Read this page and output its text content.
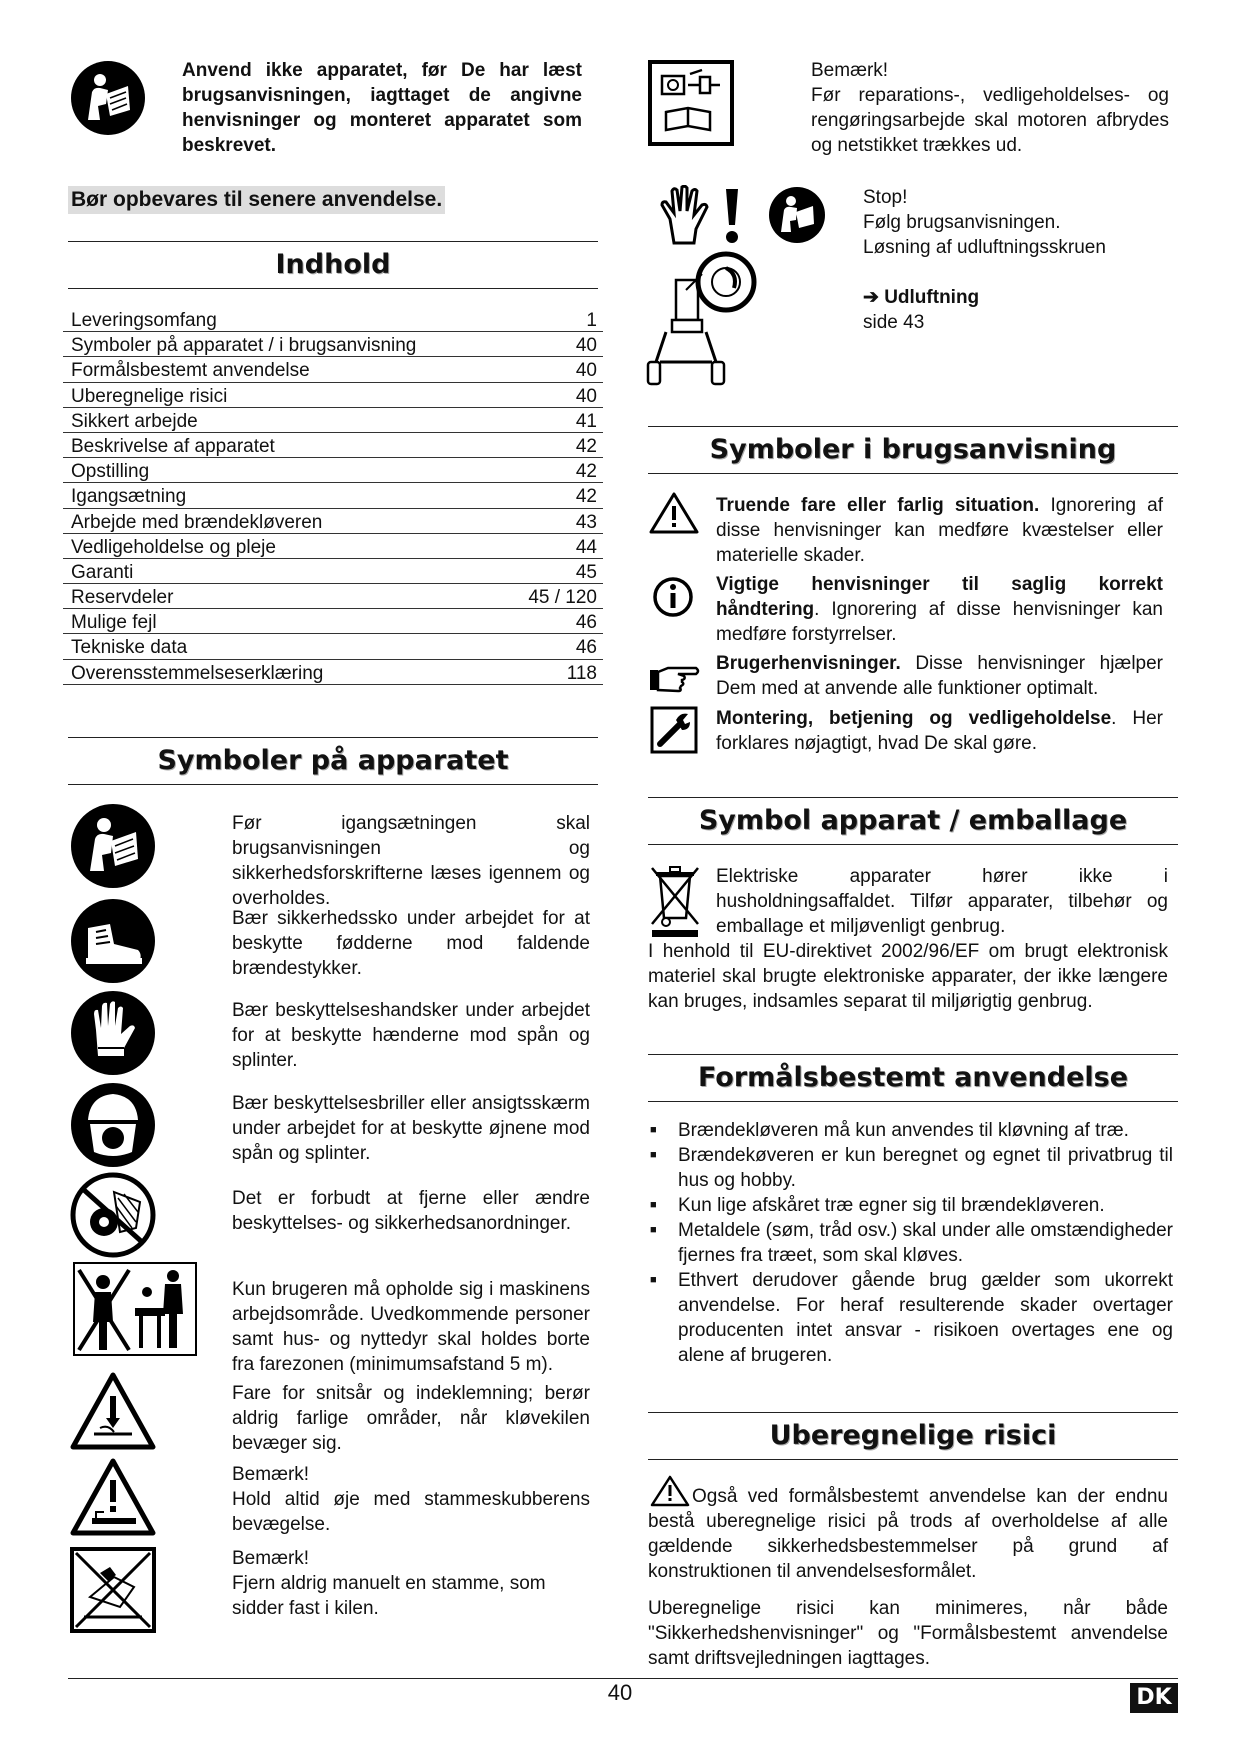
Anvend ikke apparatet, før De har læst brugsanvisningen, iagttaget de angivne henvisninger og monteret apparatet som beskrevet.
Bør opbevares til senere anvendelse.
Indhold
Leveringsomfang	1
Symboler på apparatet / i brugsanvisning	40
Formålsbestemt anvendelse	40
Uberegnelige risici	40
Sikkert arbejde	41
Beskrivelse af apparatet	42
Opstilling	42
Igangsætning	42
Arbejde med brændekløveren	43
Vedligeholdelse og pleje	44
Garanti	45
Reservdeler	45 / 120
Mulige fejl	46
Tekniske data	46
Overensstemmelseserklæring	118
Symboler på apparatet
Før igangsætningen skal brugsanvisningen og sikkerhedsforskrifterne læses igennem og overholdes.
Bær sikkerhedssko under arbejdet for at beskytte fødderne mod faldende brændestykker.
Bær beskyttelseshandsker under arbejdet for at beskytte hænderne mod spån og splinter.
Bær beskyttelsesbriller eller ansigtsskærm under arbejdet for at beskytte øjnene mod spån og splinter.
Det er forbudt at fjerne eller ændre beskyttelses- og sikkerhedsanordninger.
Kun brugeren må opholde sig i maskinens arbejdsområde. Uvedkommende personer samt hus- og nyttedyr skal holdes borte fra farezonen (minimumsafstand 5 m).
Fare for snitsår og indeklemning; berør aldrig farlige områder, når kløvekilen bevæger sig.
Bemærk!
Hold altid øje med stammeskubberens bevægelse.
Bemærk!
Fjern aldrig manuelt en stamme, som sidder fast i kilen.
Bemærk!
Før reparations-, vedligeholdelses- og rengøringsarbejde skal motoren afbrydes og netstikket trækkes ud.
Stop!
Følg brugsanvisningen.
Løsning af udluftningsskruen
➔ Udluftning
side 43
Symboler i brugsanvisning
Truende fare eller farlig situation. Ignorering af disse henvisninger kan medføre kvæstelser eller materielle skader.
Vigtige henvisninger til saglig korrekt håndtering. Ignorering af disse henvisninger kan medføre forstyrrelser.
Brugerhenvisninger. Disse henvisninger hjælper Dem med at anvende alle funktioner optimalt.
Montering, betjening og vedligeholdelse. Her forklares nøjagtigt, hvad De skal gøre.
Symbol apparat / emballage
Elektriske apparater hører ikke i husholdningsaffaldet. Tilfør apparater, tilbehør og emballage et miljøvenligt genbrug.
I henhold til EU-direktivet 2002/96/EF om brugt elektronisk materiel skal brugte elektroniske apparater, der ikke længere kan bruges, indsamles separat til miljørigtig genbrug.
Formålsbestemt anvendelse
■ Brændekløveren må kun anvendes til kløvning af træ.
■ Brændekøveren er kun beregnet og egnet til privatbrug til hus og hobby.
■ Kun lige afskåret træ egner sig til brændekløveren.
■ Metaldele (søm, tråd osv.) skal under alle omstændigheder fjernes fra træet, som skal kløves.
■ Ethvert derudover gående brug gælder som ukorrekt anvendelse. For heraf resulterende skader overtager producenten intet ansvar - risikoen overtages ene og alene af brugeren.
Uberegnelige risici
Også ved formålsbestemt anvendelse kan der endnu bestå uberegnelige risici på trods af overholdelse af alle gældende sikkerhedsbestemmelser på grund af konstruktionen til anvendelsesformålet.
Uberegnelige risici kan minimeres, når både "Sikkerhedshenvisninger" og "Formålsbestemt anvendelse samt driftsvejledningen iagttages.
40	DK
